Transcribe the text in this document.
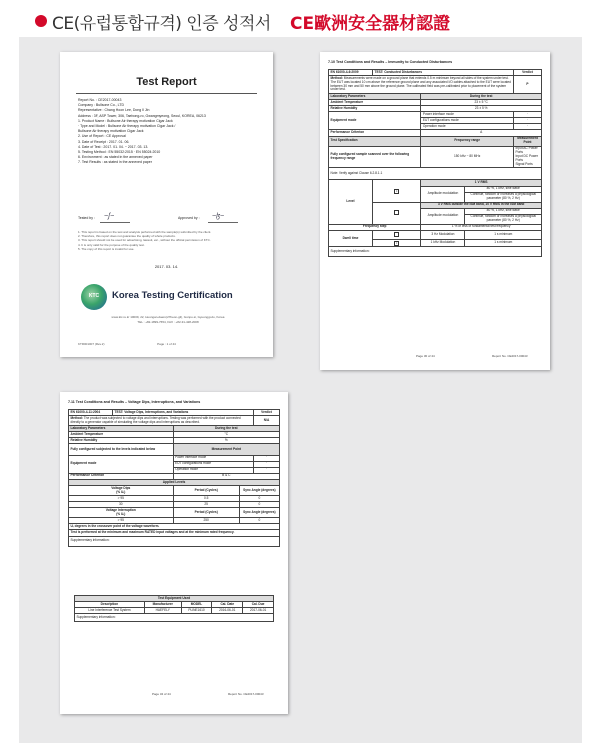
CE(유럽통합규격) 인증 성적서 CE歐洲安全器材認證
Test Report
Report No. : CE2017-00043
Company : Bullsone Co., LTD
Representative : Chang Hoon Lee, Dong Il Jin
Address : 3F, ASP Tower, 306, Taebong-ro, Gwangmyeong, Seoul, KOREA, 06213
1. Product Name : Bullsone Air therapy motivation Cigar Jack
· Type and Model : Bullsone Air therapy motivation Cigar Jack /
Bullsone Air therapy motivation Cigar Jack
2. Use of Report : CE Approval
3. Date of Receipt : 2017. 01. 06.
4. Date of Test : 2017. 01. 04. ~ 2017. 03. 13.
5. Testing Method : EN 55032:2015 · EN 55024:2010
6. Environment : as stated in the annexed paper
7. Test Results : as stated in the annexed paper
Tested by : ~ʃ~	Approved by : ~ɮ~
1. This report is based on the test and analysis performed with the sample(s) submitted by the client.
2. Therefore, this report does not guarantee the quality of whole products.
3. This report should not be used for advertising, lawsuit, etc., without the official permission of KTC.
4. It is only valid for the purpose of the quality test.
5. The copy of this report is invalid for use.
2017. 03. 14.
KTC	Korea Testing Certification
www.ktc.re.kr 10009, 22, Heungan-daero(27beon-gil), Gunpo-si, Gyeonggi-do, Korea
TEL : +82-1899-7654, FAX : +82-31-428-2008
KTR001007 (Rev.2)	Page : 1 of 44
7.10 Test Conditions and Results – Immunity to Conducted Disturbances
EN 61000-4-6:2009	TEST: Conducted Disturbances			Verdict
Method: Measurements were made on a ground plane that extends 0.5 m minimum beyond all sides of the system under test. The EUT was located 10 cm above the reference ground plane and any associated I/O cables attached to the EUT were located between 30 mm and 50 mm above the ground plane. The calibrated field was pre-calibrated prior to placement of the system under test.				P
Laboratory Parameters		During the test		
Ambient Temperature		23 ± 5 °C		
Relative Humidity		23 ± 5 %		
Equipment mode		Power interface mode		·
		EUT configurations mode		·
		Operation mode		·
Performance Criterion		A		
Test Specification		Frequency range		Measurement Point
Fully configured sample scanned over the following frequency range		150 kHz ~ 80 MHz		Input AC Power Ports
Input DC Power Ports
Signal Ports

Note: Verify against Clause 6.2.8.1.1				
Level	×	1 V RMS		
		Amplitude modulation	80 %, 1 kHz, sine wave	
			Continue, random or increases a physiological parameter (80 %, 2 Hz)	
		3 V RMS outside the ISM band, 10 V RMS in the ISM band		
		Amplitude modulation	80 %, 1 kHz, sine wave	
			Continue, random or increases a physiological parameter (80 %, 2 Hz)	
Frequency step		1 % or less of fundamental test frequency		
Dwell time		3 Hz Modulation	1 s minimum	
	×	1 kHz Modulation	1 s minimum	
Supplementary information:				
Page 30 of 44	Report No. CE2017-00043
7.11 Test Conditions and Results – Voltage Dips, Interruptions, and Variations
EN 61000-4-11:2004	TEST: Voltage Dips, Interruptions, and Variations			Verdict
Method: The product was subjected to voltage dips and interruptions. Testing was performed with the product connected directly to a generator capable of simulating the voltage dips and interruptions as described.				N/A
Laboratory Parameters		During the test		
Ambient Temperature		°C		
Relative Humidity		%		
Fully configured subjected to the levels indicated below		Measurement Point		
Equipment mode		Power interface mode		·
		EUT configurations mode		·
		Operation mode		·
Performance Criterion		B & C		
Applied Levels				

Voltage Dips
(% Uₜ)		Period (Cycles)	Sync Angle (degrees)	
> 95		0.5	0	
30		25	0	

Voltage Interruption
(% Uₜ)		Period (Cycles)	Sync Angle (degrees)	
> 95		250	0	
Uₜ degrees in the crossover point of the voltage waveform.				
Test is performed at the minimum and maximum RATED input voltages and at the minimum rated frequency.				
Supplementary information:				
Test Equipment Used				
Description	Manufacturer	MODEL	Cal. Date	Cal. Due
Line Interference Test System	HAEFELY	PLINE1610	2016-06-01	2017-06-01
Supplementary information:				
Page 34 of 44	Report No. CE2017-00043
